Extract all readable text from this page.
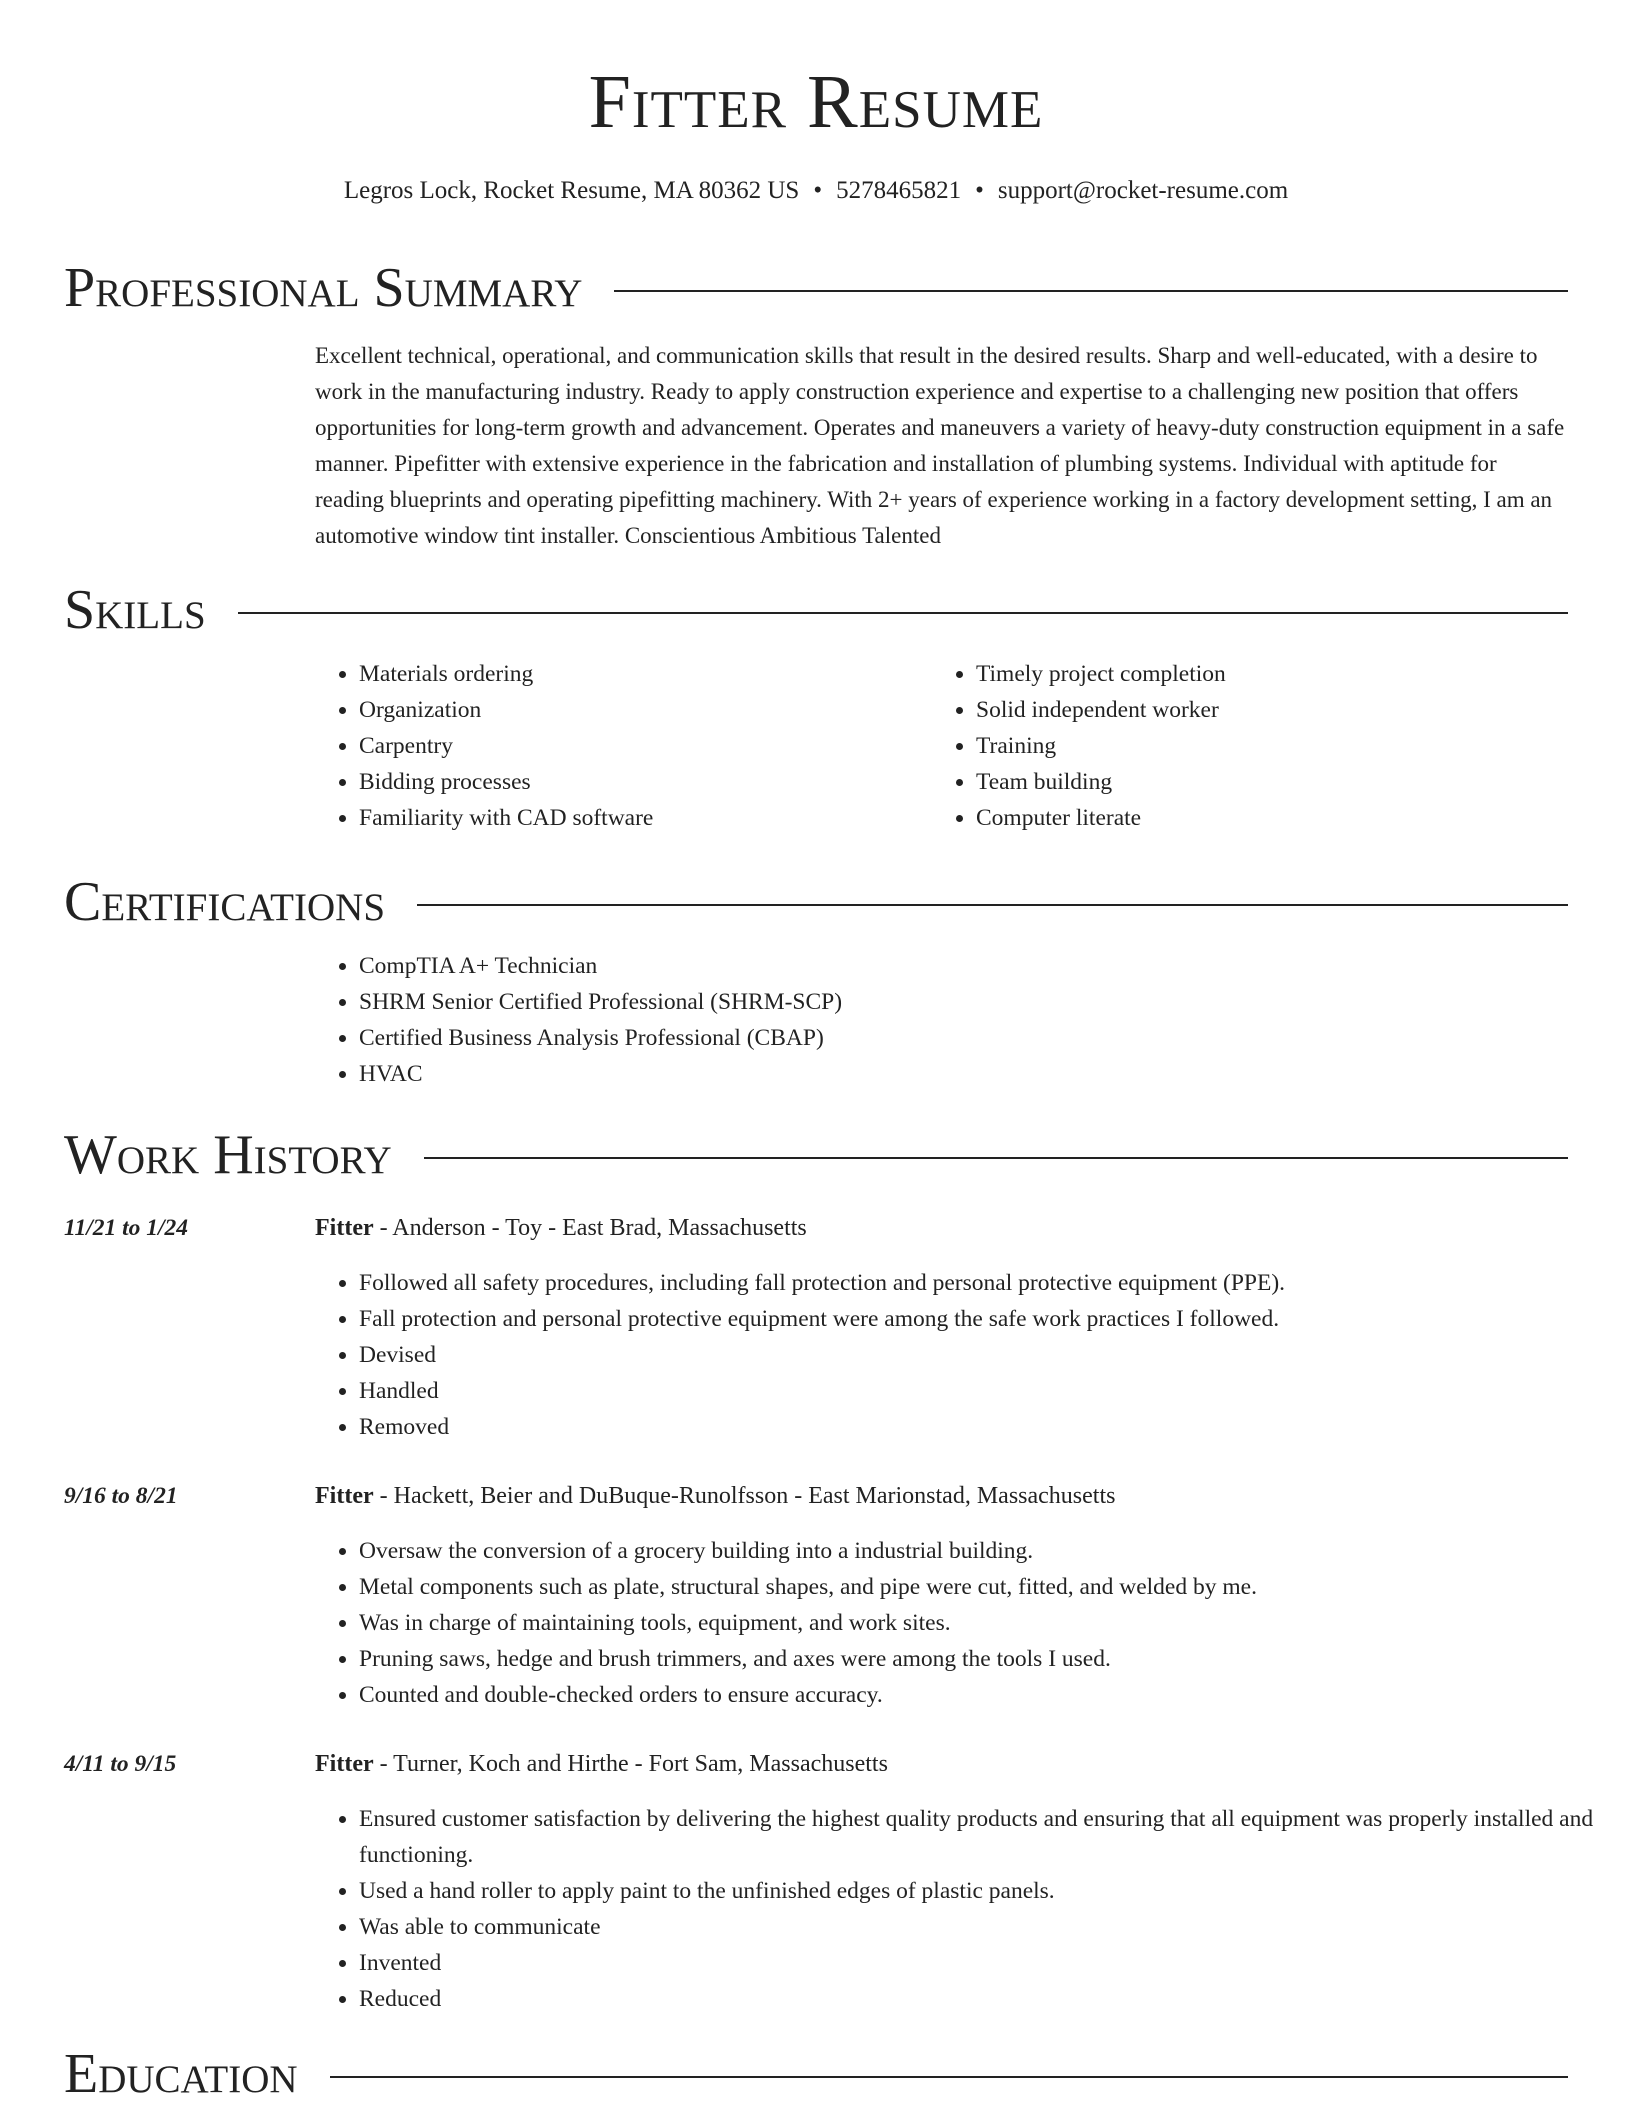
Fitter Resume
Legros Lock, Rocket Resume, MA 80362 US • 5278465821 • support@rocket-resume.com
Professional Summary

Excellent technical, operational, and communication skills that result in the desired results. Sharp and well-educated, with a desire to work in the manufacturing industry. Ready to apply construction experience and expertise to a challenging new position that offers opportunities for long-term growth and advancement. Operates and maneuvers a variety of heavy-duty construction equipment in a safe manner. Pipefitter with extensive experience in the fabrication and installation of plumbing systems. Individual with aptitude for reading blueprints and operating pipefitting machinery. With 2+ years of experience working in a factory development setting, I am an automotive window tint installer. Conscientious Ambitious Talented

Skills
• Materials ordering
• Organization
• Carpentry
• Bidding processes
• Familiarity with CAD software
• Timely project completion
• Solid independent worker
• Training
• Team building
• Computer literate
Certifications
• CompTIA A+ Technician
• SHRM Senior Certified Professional (SHRM-SCP)
• Certified Business Analysis Professional (CBAP)
• HVAC
Work History
11/21 to 1/24	Fitter - Anderson - Toy - East Brad, Massachusetts
• Followed all safety procedures, including fall protection and personal protective equipment (PPE).
• Fall protection and personal protective equipment were among the safe work practices I followed.
• Devised
• Handled
• Removed
9/16 to 8/21	Fitter - Hackett, Beier and DuBuque-Runolfsson - East Marionstad, Massachusetts
• Oversaw the conversion of a grocery building into a industrial building.
• Metal components such as plate, structural shapes, and pipe were cut, fitted, and welded by me.
• Was in charge of maintaining tools, equipment, and work sites.
• Pruning saws, hedge and brush trimmers, and axes were among the tools I used.
• Counted and double-checked orders to ensure accuracy.
4/11 to 9/15	Fitter - Turner, Koch and Hirthe - Fort Sam, Massachusetts
• Ensured customer satisfaction by delivering the highest quality products and ensuring that all equipment was properly installed and functioning.
• Used a hand roller to apply paint to the unfinished edges of plastic panels.
• Was able to communicate
• Invented
• Reduced
Education
